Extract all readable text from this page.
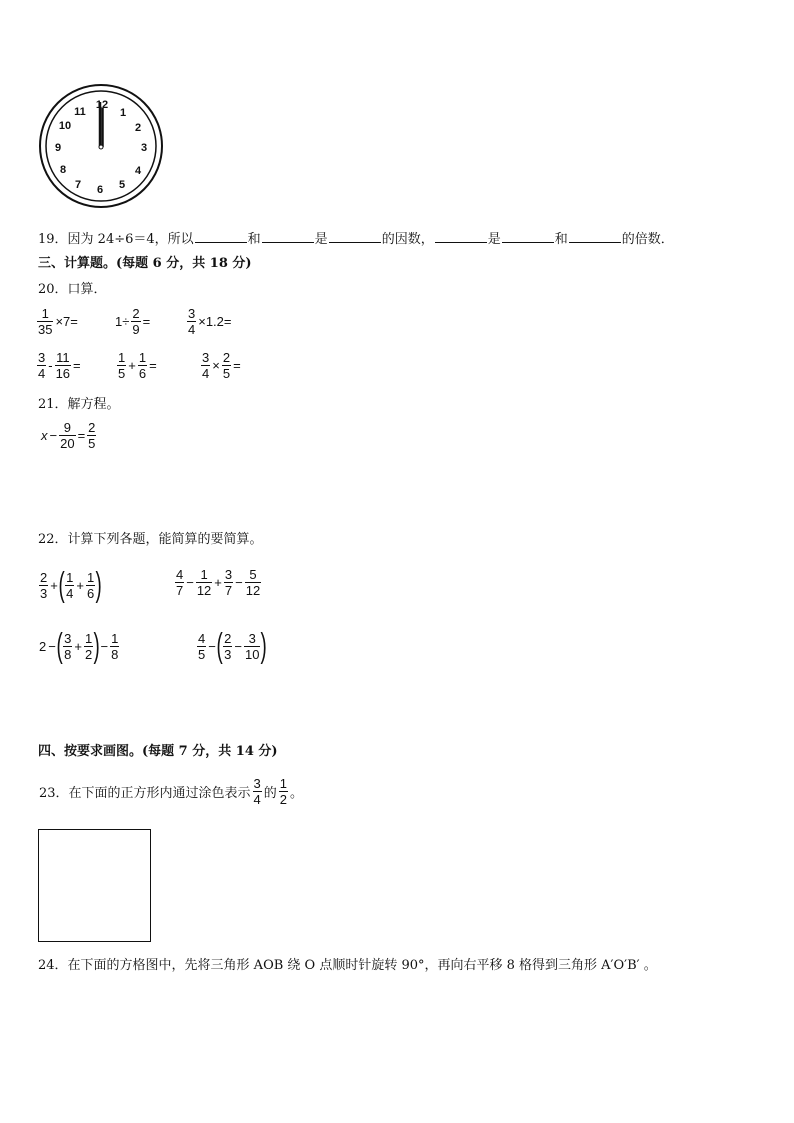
12
1
2
3
4
5
6
7
8
9
10
11
19．因为 24÷6＝4，所以	和	是	的因数，	是	和	的倍数．
三、计算题。(每题 6 分，共 18 分)
20．口算．
$\frac{1}{35} \times 7=$	$1\div \frac{2}{9}$ =	$\frac{3}{4} \times 1.2=$
$\frac{3}{4} - \frac{11}{16}$ =	$\frac{1}{5} + \frac{1}{6}$ =	$\frac{3}{4} \times \frac{2}{5}$ =
21．解方程。
$x - \frac{9}{20} = \frac{2}{5}$
22．计算下列各题，能简算的要简算。
$\frac{2}{3}$ + ( $\frac{1}{4} + \frac{1}{6}$ )	$\frac{4}{7} - \frac{1}{12} + \frac{3}{7} - \frac{5}{12}$
2 − ( $\frac{3}{8} + \frac{1}{2}$ ) − $\frac{1}{8}$	$\frac{4}{5}$ − ( $\frac{2}{3} - \frac{3}{10}$ )
四、按要求画图。(每题 7 分，共 14 分)
23．在下面的正方形内通过涂色表示 $\frac{3}{4}$ 的 $\frac{1}{2}$ 。
24．在下面的方格图中，先将三角形 AOB 绕 O 点顺时针旋转 90°，再向右平移 8 格得到三角形 A′O′B′ 。
